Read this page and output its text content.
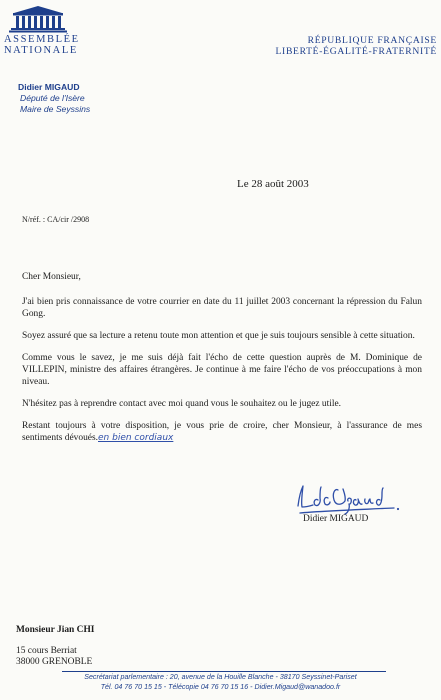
ASSEMBLÉE
NATIONALE
RÉPUBLIQUE FRANÇAISE
LIBERTÉ-ÉGALITÉ-FRATERNITÉ
Didier MIGAUD
Député de l'Isère
Maire de Seyssins
Le 28 août 2003
N/réf. : CA/cir /2908

Cher Monsieur,

J'ai bien pris connaissance de votre courrier en date du 11 juillet 2003 concernant la répression du Falun Gong.

Soyez assuré que sa lecture a retenu toute mon attention et que je suis toujours sensible à cette situation.

Comme vous le savez, je me suis déjà fait l'écho de cette question auprès de M. Dominique de VILLEPIN, ministre des affaires étrangères. Je continue à me faire l'écho de vos préoccupations à mon niveau.

N'hésitez pas à reprendre contact avec moi quand vous le souhaitez ou le jugez utile.

Restant toujours à votre disposition, je vous prie de croire, cher Monsieur, à l'assurance de mes sentiments dévoués.en bien cordiaux

Didier MIGAUD
Monsieur Jian CHI
15 cours Berriat
38000 GRENOBLE
Secrétariat parlementaire : 20, avenue de la Houille Blanche - 38170 Seyssinet-Pariset
Tél. 04 76 70 15 15 - Télécopie 04 76 70 15 16 - Didier.Migaud@wanadoo.fr
